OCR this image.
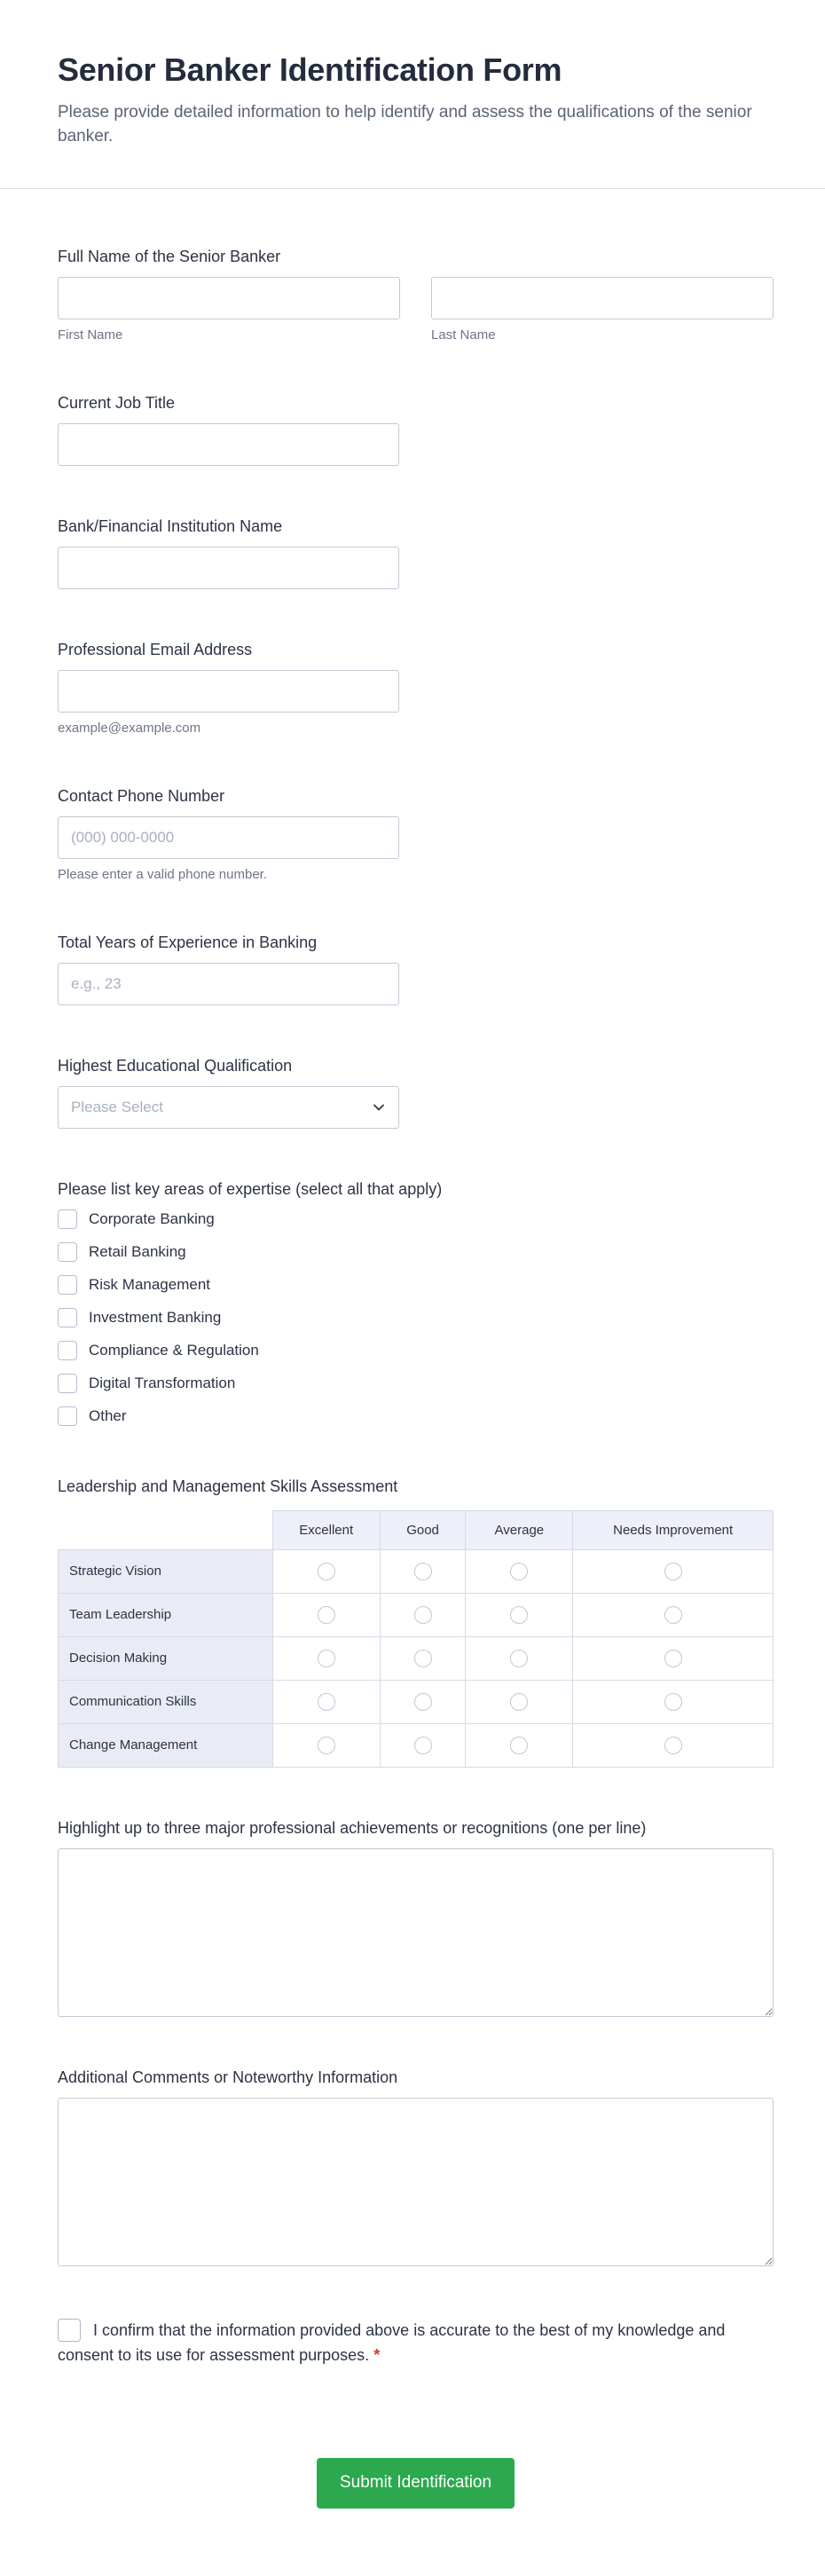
Senior Banker Identification Form

Please provide detailed information to help identify and assess the qualifications of the senior banker.

Full Name of the Senior Banker
First Name	Last Name
Current Job Title
Bank/Financial Institution Name
Professional Email Address
example@example.com
Contact Phone Number
(000) 000-0000
Please enter a valid phone number.
Total Years of Experience in Banking
e.g., 23
Highest Educational Qualification
Please Select
Please list key areas of expertise (select all that apply)
Corporate Banking
Retail Banking
Risk Management
Investment Banking
Compliance & Regulation
Digital Transformation
Other
Leadership and Management Skills Assessment
	Excellent	Good	Average	Needs Improvement
Strategic Vision				
Team Leadership				
Decision Making				
Communication Skills				
Change Management				
Highlight up to three major professional achievements or recognitions (one per line)
Additional Comments or Noteworthy Information
I confirm that the information provided above is accurate to the best of my knowledge and consent to its use for assessment purposes. *
Submit Identification
